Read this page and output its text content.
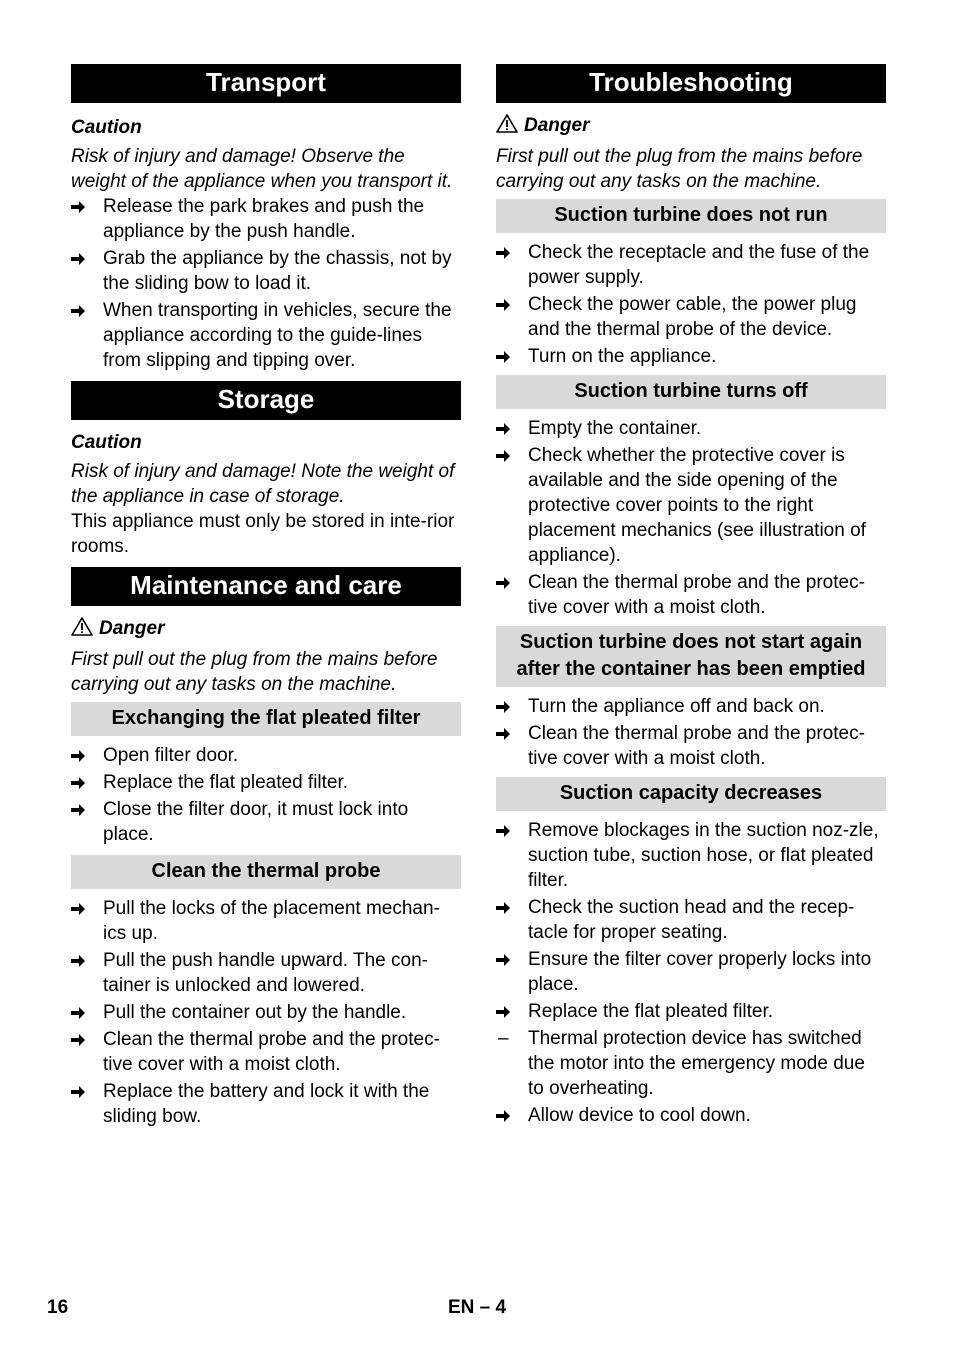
Transport
Caution
Risk of injury and damage! Observe the weight of the appliance when you transport it.
Release the park brakes and push the appliance by the push handle.
Grab the appliance by the chassis, not by the sliding bow to load it.
When transporting in vehicles, secure the appliance according to the guide-lines from slipping and tipping over.
Storage
Caution
Risk of injury and damage! Note the weight of the appliance in case of storage.
This appliance must only be stored in inte-rior rooms.
Maintenance and care
Danger
First pull out the plug from the mains before carrying out any tasks on the machine.
Exchanging the flat pleated filter
Open filter door.
Replace the flat pleated filter.
Close the filter door, it must lock into place.
Clean the thermal probe
Pull the locks of the placement mechan-ics up.
Pull the push handle upward. The con-tainer is unlocked and lowered.
Pull the container out by the handle.
Clean the thermal probe and the protec-tive cover with a moist cloth.
Replace the battery and lock it with the sliding bow.
Troubleshooting
Danger
First pull out the plug from the mains before carrying out any tasks on the machine.
Suction turbine does not run
Check the receptacle and the fuse of the power supply.
Check the power cable, the power plug and the thermal probe of the device.
Turn on the appliance.
Suction turbine turns off
Empty the container.
Check whether the protective cover is available and the side opening of the protective cover points to the right placement mechanics (see illustration of appliance).
Clean the thermal probe and the protec-tive cover with a moist cloth.
Suction turbine does not start again after the container has been emptied
Turn the appliance off and back on.
Clean the thermal probe and the protec-tive cover with a moist cloth.
Suction capacity decreases
Remove blockages in the suction noz-zle, suction tube, suction hose, or flat pleated filter.
Check the suction head and the recep-tacle for proper seating.
Ensure the filter cover properly locks into place.
Replace the flat pleated filter.
– Thermal protection device has switched the motor into the emergency mode due to overheating.
Allow device to cool down.
16	EN – 4
